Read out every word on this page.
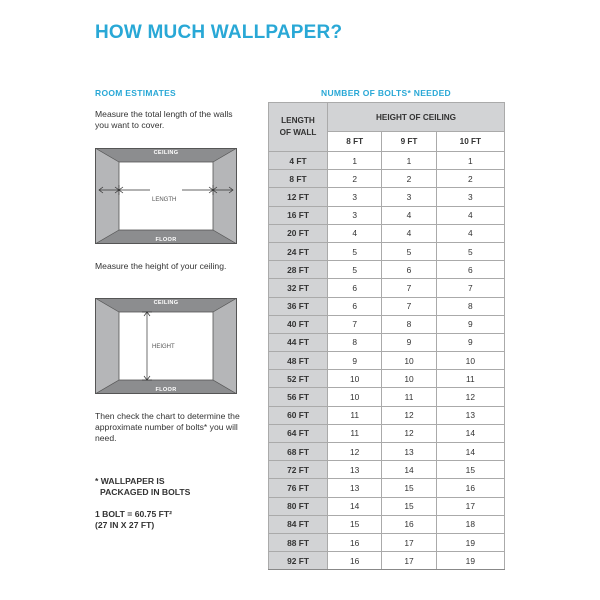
HOW MUCH WALLPAPER?
ROOM ESTIMATES	NUMBER OF BOLTS* NEEDED
Measure the total length of the walls you want to cover.
CEILING
FLOOR
LENGTH
Measure the height of your ceiling.
CEILING
FLOOR
HEIGHT
Then check the chart to determine the approximate number of bolts* you will need.
* WALLPAPER IS
PACKAGED IN BOLTS
1 BOLT = 60.75 FT²
(27 IN X 27 FT)
LENGTH
OF WALL	HEIGHT OF CEILING		
	8 FT	9 FT	10 FT
4 FT	1	1	1
8 FT	2	2	2
12 FT	3	3	3
16 FT	3	4	4
20 FT	4	4	4
24 FT	5	5	5
28 FT	5	6	6
32 FT	6	7	7
36 FT	6	7	8
40 FT	7	8	9
44 FT	8	9	9
48 FT	9	10	10
52 FT	10	10	11
56 FT	10	11	12
60 FT	11	12	13
64 FT	11	12	14
68 FT	12	13	14
72 FT	13	14	15
76 FT	13	15	16
80 FT	14	15	17
84 FT	15	16	18
88 FT	16	17	19
92 FT	16	17	19
